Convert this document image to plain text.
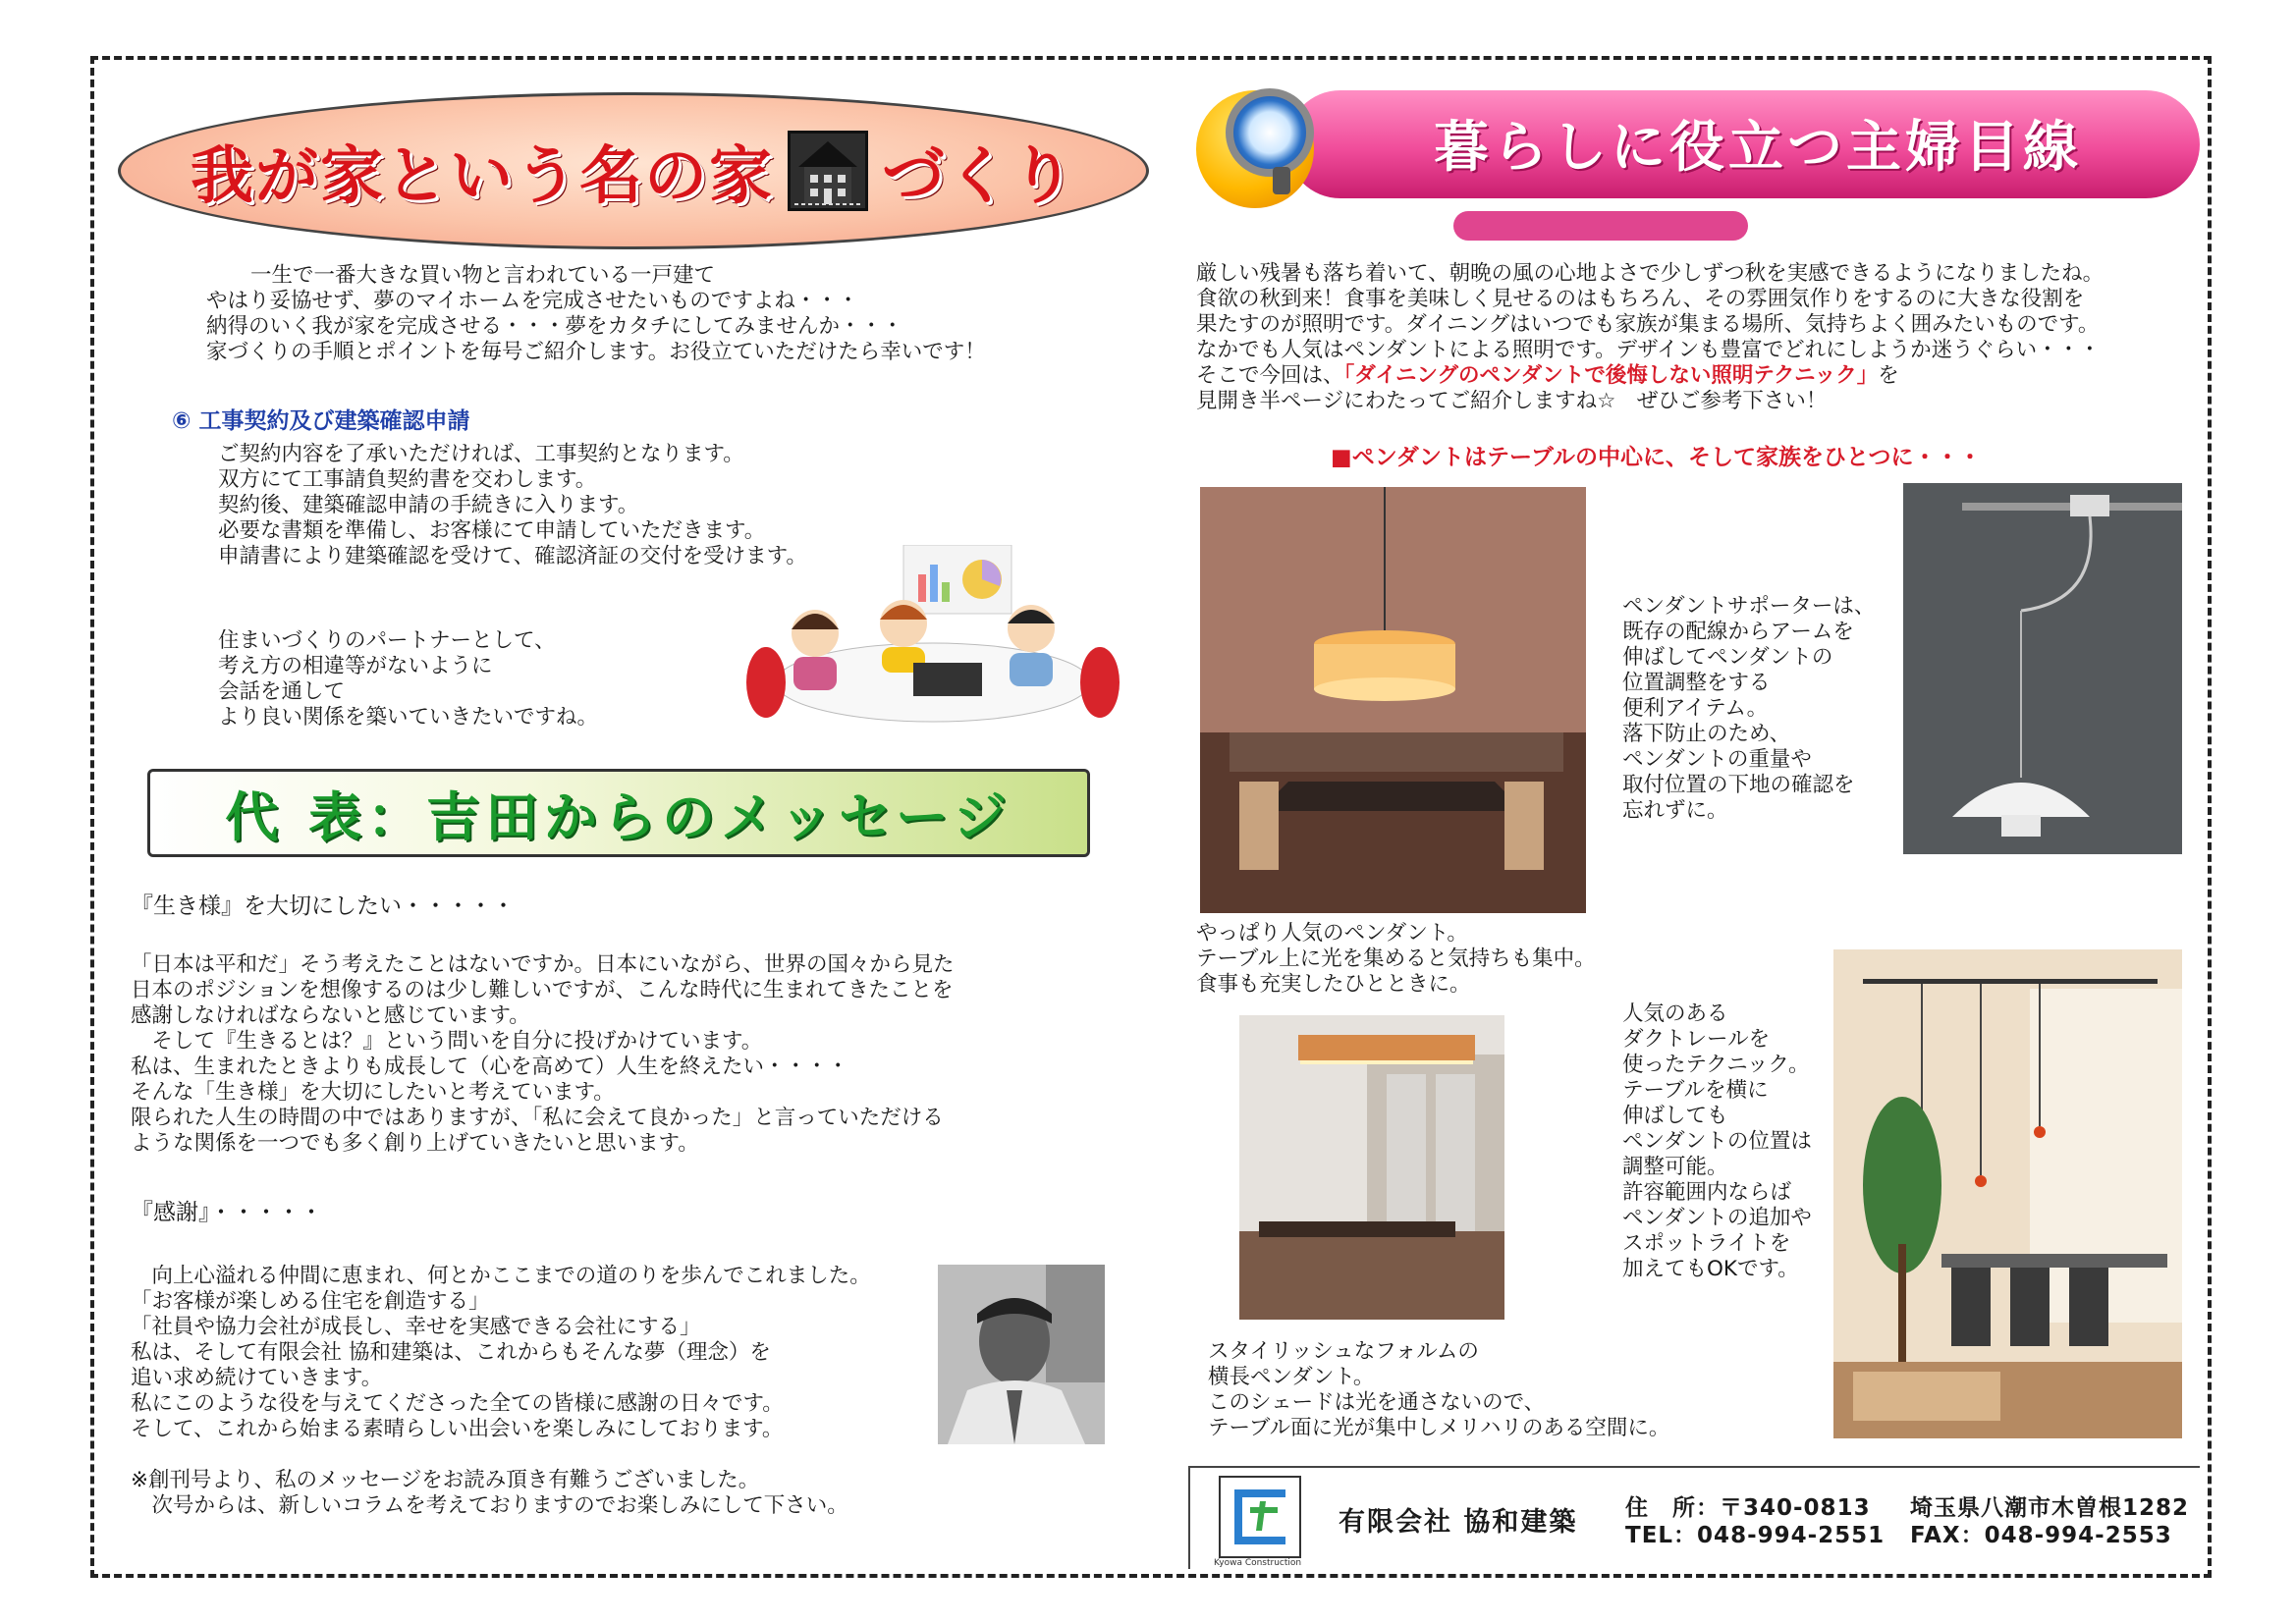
我が家という名の家 づくり

一生で一番大きな買い物と言われている一戸建て

やはり妥協せず、夢のマイホームを完成させたいものですよね・・・

納得のいく我が家を完成させる・・・夢をカタチにしてみませんか・・・

家づくりの手順とポイントを毎号ご紹介します。お役立ていただけたら幸いです！

⑥ 工事契約及び建築確認申請

ご契約内容を了承いただければ、工事契約となります。

双方にて工事請負契約書を交わします。

契約後、建築確認申請の手続きに入ります。

必要な書類を準備し、お客様にて申請していただきます。

申請書により建築確認を受けて、確認済証の交付を受けます。

住まいづくりのパートナーとして、

考え方の相違等がないように

会話を通して

より良い関係を築いていきたいですね。

代 表：吉田からのメッセージ
『生き様』を大切にしたい・・・・・

「日本は平和だ」そう考えたことはないですか。日本にいながら、世界の国々から見た

日本のポジションを想像するのは少し難しいですが、こんな時代に生まれてきたことを

感謝しなければならないと感じています。

　そして『生きるとは？』という問いを自分に投げかけています。

私は、生まれたときよりも成長して（心を高めて）人生を終えたい・・・・

そんな「生き様」を大切にしたいと考えています。

限られた人生の時間の中ではありますが、「私に会えて良かった」と言っていただける

ような関係を一つでも多く創り上げていきたいと思います。

『感謝』・・・・・

　向上心溢れる仲間に恵まれ、何とかここまでの道のりを歩んでこれました。

「お客様が楽しめる住宅を創造する」

「社員や協力会社が成長し、幸せを実感できる会社にする」

私は、そして有限会社 協和建築は、これからもそんな夢（理念）を

追い求め続けていきます。

私にこのような役を与えてくださった全ての皆様に感謝の日々です。

そして、これから始まる素晴らしい出会いを楽しみにしております。

※創刊号より、私のメッセージをお読み頂き有難うございました。

　次号からは、新しいコラムを考えておりますのでお楽しみにして下さい。

暮らしに役立つ主婦目線

厳しい残暑も落ち着いて、朝晩の風の心地よさで少しずつ秋を実感できるようになりましたね。

食欲の秋到来！食事を美味しく見せるのはもちろん、その雰囲気作りをするのに大きな役割を

果たすのが照明です。ダイニングはいつでも家族が集まる場所、気持ちよく囲みたいものです。

なかでも人気はペンダントによる照明です。デザインも豊富でどれにしようか迷うぐらい・・・

そこで今回は、「ダイニングのペンダントで後悔しない照明テクニック」を

見開き半ページにわたってご紹介しますね☆　ぜひご参考下さい！

■ペンダントはテーブルの中心に、そして家族をひとつに・・・

ペンダントサポーターは、

既存の配線からアームを

伸ばしてペンダントの

位置調整をする

便利アイテム。

落下防止のため、

ペンダントの重量や

取付位置の下地の確認を

忘れずに。

やっぱり人気のペンダント。

テーブル上に光を集めると気持ちも集中。

食事も充実したひとときに。

スタイリッシュなフォルムの

横長ペンダント。

このシェードは光を通さないので、

テーブル面に光が集中しメリハリのある空間に。

人気のある

ダクトレールを

使ったテクニック。

テーブルを横に

伸ばしても

ペンダントの位置は

調整可能。

許容範囲内ならば

ペンダントの追加や

スポットライトを

加えてもOKです。

Kyowa Construction
有限会社 協和建築 住　所：〒340-0813 埼玉県八潮市木曽根1282
TEL：048‐994‐2551 FAX：048‐994‐2553
